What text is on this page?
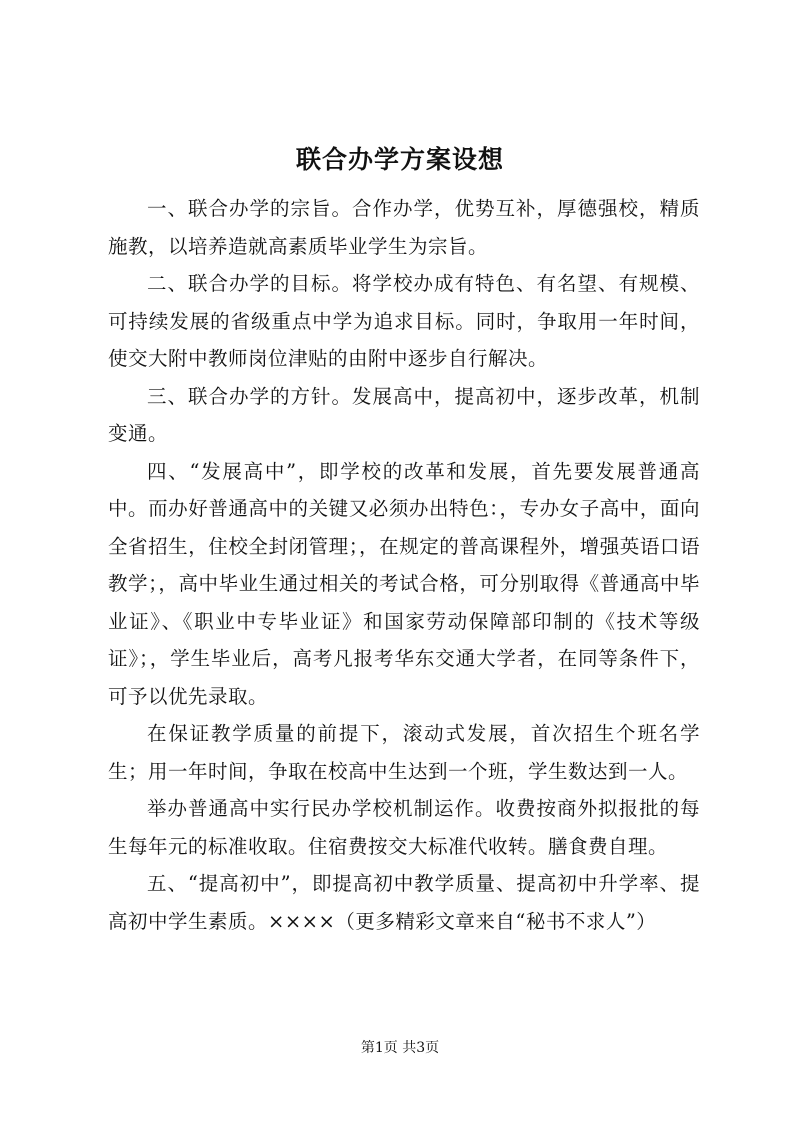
联合办学方案设想

一、联合办学的宗旨。合作办学，优势互补，厚德强校，精质施教，以培养造就高素质毕业学生为宗旨。

二、联合办学的目标。将学校办成有特色、有名望、有规模、可持续发展的省级重点中学为追求目标。同时，争取用一年时间，使交大附中教师岗位津贴的由附中逐步自行解决。

三、联合办学的方针。发展高中，提高初中，逐步改革，机制变通。

四、“发展高中”，即学校的改革和发展，首先要发展普通高中。而办好普通高中的关键又必须办出特色：，专办女子高中，面向全省招生，住校全封闭管理；，在规定的普高课程外，增强英语口语教学；，高中毕业生通过相关的考试合格，可分别取得《普通高中毕业证》、《职业中专毕业证》和国家劳动保障部印制的《技术等级证》；，学生毕业后，高考凡报考华东交通大学者，在同等条件下，可予以优先录取。

在保证教学质量的前提下，滚动式发展，首次招生个班名学生；用一年时间，争取在校高中生达到一个班，学生数达到一人。

举办普通高中实行民办学校机制运作。收费按商外拟报批的每生每年元的标准收取。住宿费按交大标准代收转。膳食费自理。

五、“提高初中”，即提高初中教学质量、提高初中升学率、提高初中学生素质。××××（更多精彩文章来自“秘书不求人”）

第1页 共3页
